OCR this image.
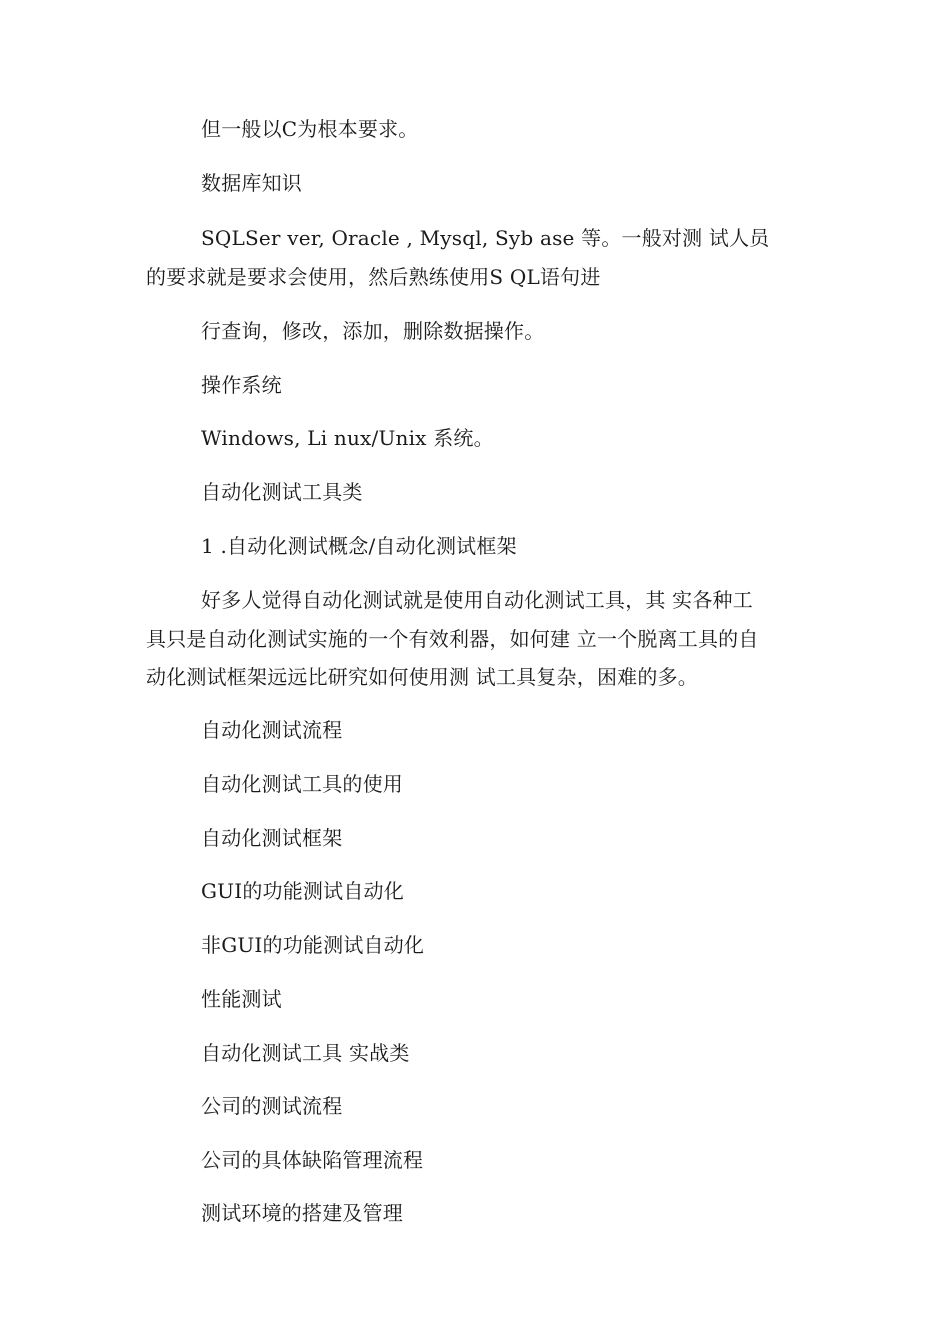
但一般以C为根本要求。
数据库知识
SQLSer ver, Oracle , Mysql, Syb ase 等。一般对测 试人员
的要求就是要求会使用，然后熟练使用S QL语句进
行查询，修改，添加，删除数据操作。
操作系统
Windows, Li nux/Unix 系统。
自动化测试工具类
1 .自动化测试概念/自动化测试框架
好多人觉得自动化测试就是使用自动化测试工具，其 实各种工
具只是自动化测试实施的一个有效利器，如何建 立一个脱离工具的自
动化测试框架远远比研究如何使用测 试工具复杂，困难的多。
自动化测试流程
自动化测试工具的使用
自动化测试框架
GUI的功能测试自动化
非GUI的功能测试自动化
性能测试
自动化测试工具 实战类
公司的测试流程
公司的具体缺陷管理流程
测试环境的搭建及管理
